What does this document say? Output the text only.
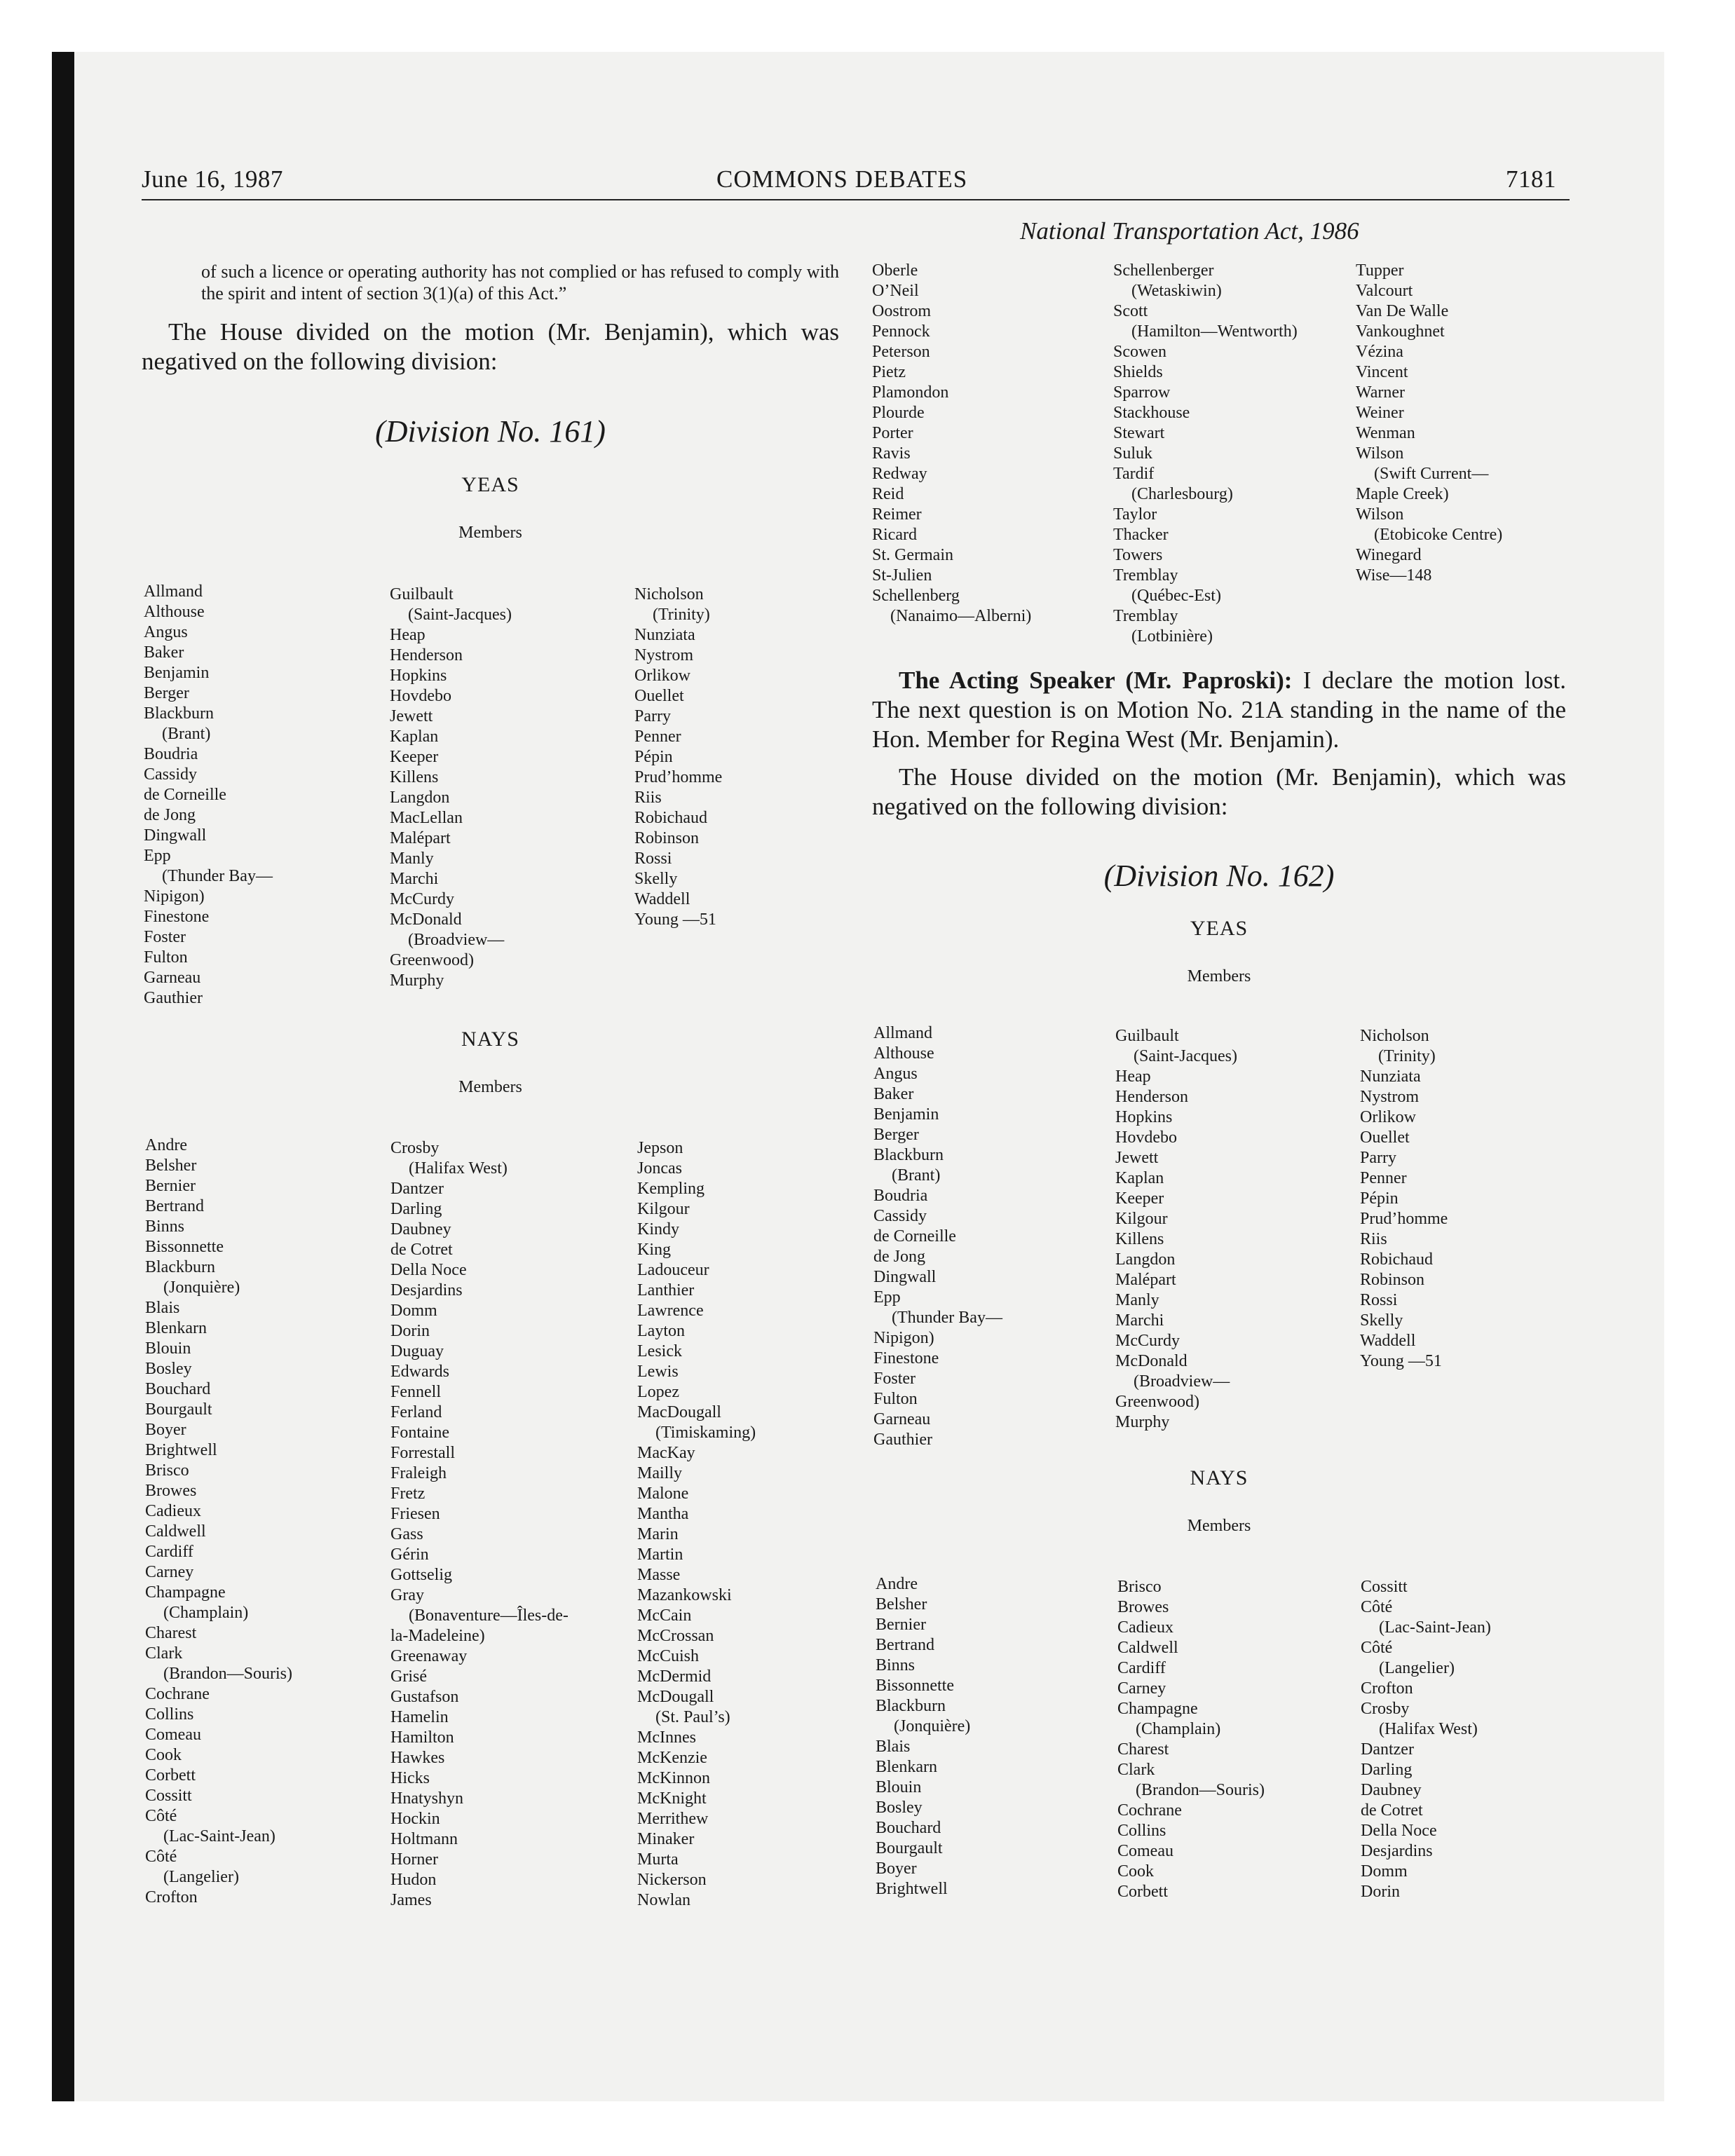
June 16, 1987	COMMONS DEBATES	7181
National Transportation Act, 1986
of such a licence or operating authority has not complied or has refused to comply with the spirit and intent of section 3(1)(a) of this Act.”
The House divided on the motion (Mr. Benjamin), which was negatived on the following division:
(Division No. 161)
YEAS
Members
Allmand
Althouse
Angus
Baker
Benjamin
Berger
Blackburn
(Brant)
Boudria
Cassidy
de Corneille
de Jong
Dingwall
Epp
(Thunder Bay—
Nipigon)
Finestone
Foster
Fulton
Garneau
Gauthier
Guilbault
(Saint-Jacques)
Heap
Henderson
Hopkins
Hovdebo
Jewett
Kaplan
Keeper
Killens
Langdon
MacLellan
Malépart
Manly
Marchi
McCurdy
McDonald
(Broadview—
Greenwood)
Murphy
Nicholson
(Trinity)
Nunziata
Nystrom
Orlikow
Ouellet
Parry
Penner
Pépin
Prud’homme
Riis
Robichaud
Robinson
Rossi
Skelly
Waddell
Young —51
NAYS
Members
Andre
Belsher
Bernier
Bertrand
Binns
Bissonnette
Blackburn
(Jonquière)
Blais
Blenkarn
Blouin
Bosley
Bouchard
Bourgault
Boyer
Brightwell
Brisco
Browes
Cadieux
Caldwell
Cardiff
Carney
Champagne
(Champlain)
Charest
Clark
(Brandon—Souris)
Cochrane
Collins
Comeau
Cook
Corbett
Cossitt
Côté
(Lac-Saint-Jean)
Côté
(Langelier)
Crofton
Crosby
(Halifax West)
Dantzer
Darling
Daubney
de Cotret
Della Noce
Desjardins
Domm
Dorin
Duguay
Edwards
Fennell
Ferland
Fontaine
Forrestall
Fraleigh
Fretz
Friesen
Gass
Gérin
Gottselig
Gray
(Bonaventure—Îles-de-
la-Madeleine)
Greenaway
Grisé
Gustafson
Hamelin
Hamilton
Hawkes
Hicks
Hnatyshyn
Hockin
Holtmann
Horner
Hudon
James
Jepson
Joncas
Kempling
Kilgour
Kindy
King
Ladouceur
Lanthier
Lawrence
Layton
Lesick
Lewis
Lopez
MacDougall
(Timiskaming)
MacKay
Mailly
Malone
Mantha
Marin
Martin
Masse
Mazankowski
McCain
McCrossan
McCuish
McDermid
McDougall
(St. Paul’s)
McInnes
McKenzie
McKinnon
McKnight
Merrithew
Minaker
Murta
Nickerson
Nowlan
Oberle
O’Neil
Oostrom
Pennock
Peterson
Pietz
Plamondon
Plourde
Porter
Ravis
Redway
Reid
Reimer
Ricard
St. Germain
St-Julien
Schellenberg
(Nanaimo—Alberni)
Schellenberger
(Wetaskiwin)
Scott
(Hamilton—Wentworth)
Scowen
Shields
Sparrow
Stackhouse
Stewart
Suluk
Tardif
(Charlesbourg)
Taylor
Thacker
Towers
Tremblay
(Québec-Est)
Tremblay
(Lotbinière)
Tupper
Valcourt
Van De Walle
Vankoughnet
Vézina
Vincent
Warner
Weiner
Wenman
Wilson
(Swift Current—
Maple Creek)
Wilson
(Etobicoke Centre)
Winegard
Wise—148
The Acting Speaker (Mr. Paproski): I declare the motion lost. The next question is on Motion No. 21A standing in the name of the Hon. Member for Regina West (Mr. Benjamin).
The House divided on the motion (Mr. Benjamin), which was negatived on the following division:
(Division No. 162)
YEAS
Members
Allmand
Althouse
Angus
Baker
Benjamin
Berger
Blackburn
(Brant)
Boudria
Cassidy
de Corneille
de Jong
Dingwall
Epp
(Thunder Bay—
Nipigon)
Finestone
Foster
Fulton
Garneau
Gauthier
Guilbault
(Saint-Jacques)
Heap
Henderson
Hopkins
Hovdebo
Jewett
Kaplan
Keeper
Kilgour
Killens
Langdon
Malépart
Manly
Marchi
McCurdy
McDonald
(Broadview—
Greenwood)
Murphy
Nicholson
(Trinity)
Nunziata
Nystrom
Orlikow
Ouellet
Parry
Penner
Pépin
Prud’homme
Riis
Robichaud
Robinson
Rossi
Skelly
Waddell
Young —51
NAYS
Members
Andre
Belsher
Bernier
Bertrand
Binns
Bissonnette
Blackburn
(Jonquière)
Blais
Blenkarn
Blouin
Bosley
Bouchard
Bourgault
Boyer
Brightwell
Brisco
Browes
Cadieux
Caldwell
Cardiff
Carney
Champagne
(Champlain)
Charest
Clark
(Brandon—Souris)
Cochrane
Collins
Comeau
Cook
Corbett
Cossitt
Côté
(Lac-Saint-Jean)
Côté
(Langelier)
Crofton
Crosby
(Halifax West)
Dantzer
Darling
Daubney
de Cotret
Della Noce
Desjardins
Domm
Dorin
